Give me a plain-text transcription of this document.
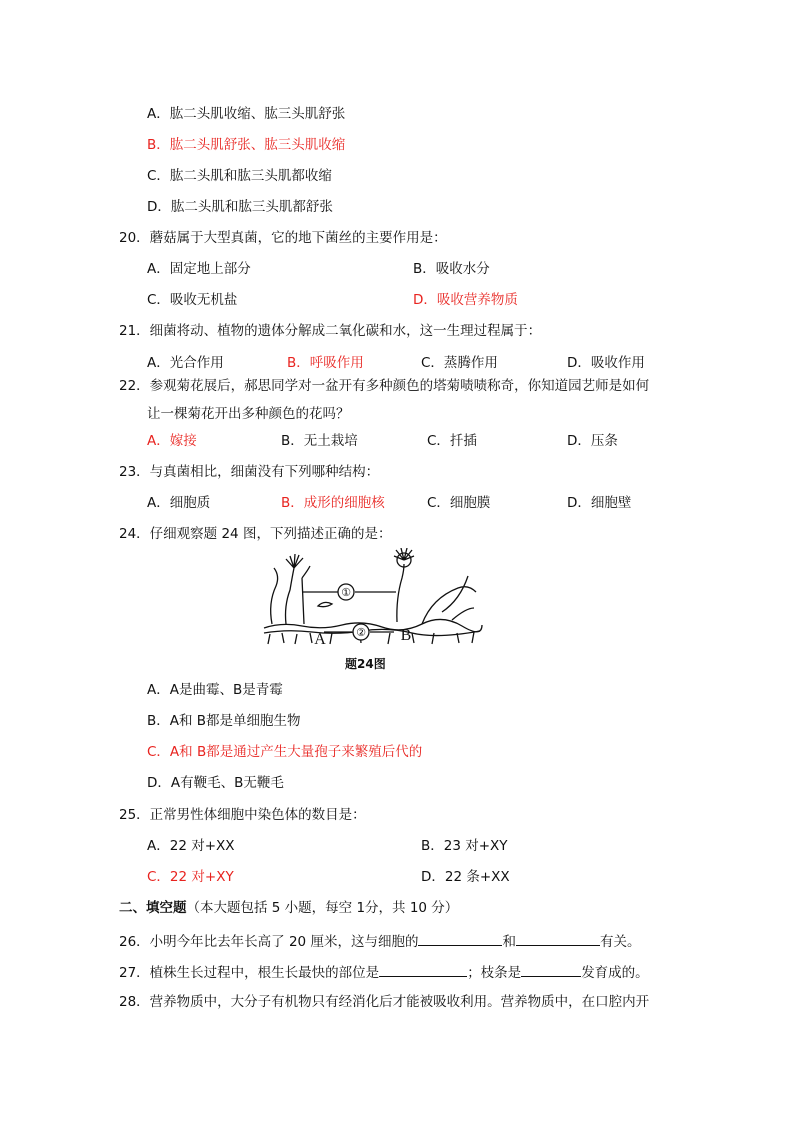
A．肱二头肌收缩、肱三头肌舒张
B．肱二头肌舒张、肱三头肌收缩
C．肱二头肌和肱三头肌都收缩
D．肱二头肌和肱三头肌都舒张
20．蘑菇属于大型真菌，它的地下菌丝的主要作用是：
A．固定地上部分	B．吸收水分
C．吸收无机盐	D．吸收营养物质
21．细菌将动、植物的遗体分解成二氧化碳和水，这一生理过程属于：
A．光合作用	B．呼吸作用	C．蒸腾作用	D．吸收作用
22．参观菊花展后，郝思同学对一盆开有多种颜色的塔菊啧啧称奇，你知道园艺师是如何
让一棵菊花开出多种颜色的花吗？
A．嫁接	B．无土栽培	C．扦插	D．压条
23．与真菌相比，细菌没有下列哪种结构：
A．细胞质	B．成形的细胞核	C．细胞膜	D．细胞壁
24．仔细观察题 24 图，下列描述正确的是：
①
②
A	B
题24图
A．A是曲霉、B是青霉
B．A和 B都是单细胞生物
C．A和 B都是通过产生大量孢子来繁殖后代的
D．A有鞭毛、B无鞭毛
25．正常男性体细胞中染色体的数目是：
A．22 对+XX	B．23 对+XY
C．22 对+XY	D．22 条+XX
二、填空题（本大题包括 5 小题，每空 1分，共 10 分）
26．小明今年比去年长高了 20 厘米，这与细胞的	和	有关。
27．植株生长过程中，根生长最快的部位是	；枝条是	发育成的。
28．营养物质中，大分子有机物只有经消化后才能被吸收利用。营养物质中，在口腔内开
